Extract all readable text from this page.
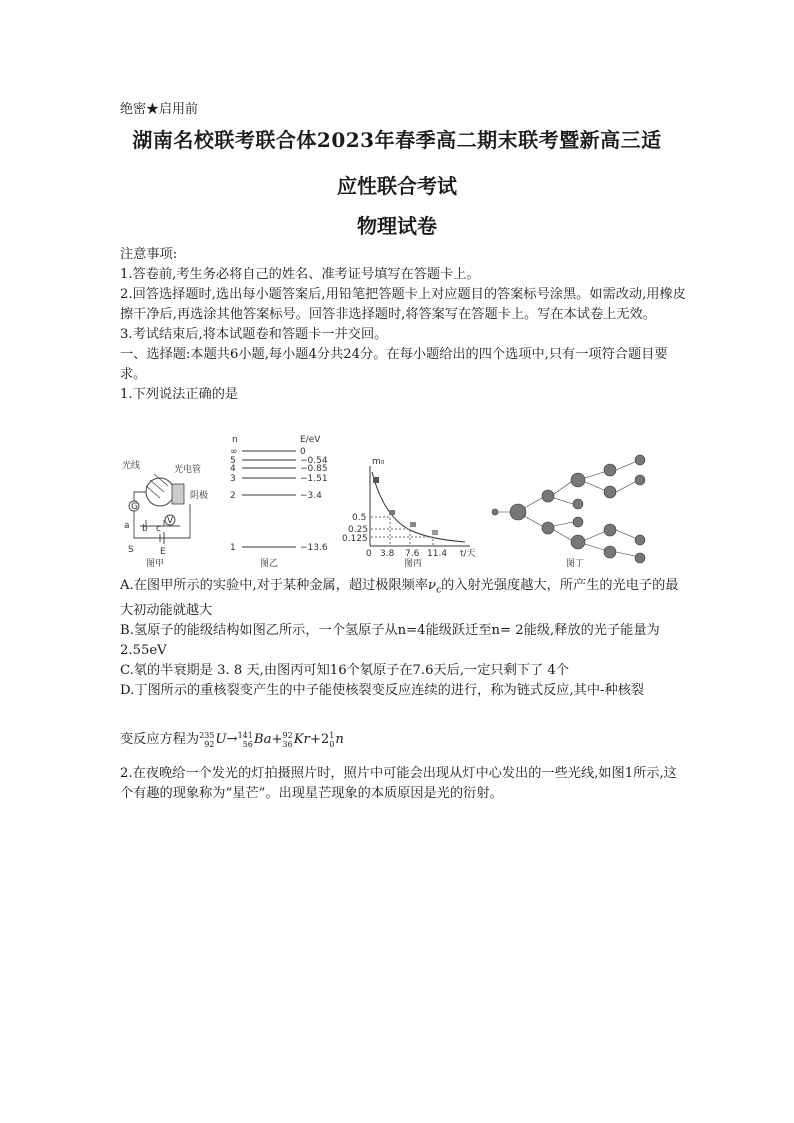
绝密★启用前
湖南名校联考联合体2023年春季高二期末联考暨新高三适
应性联合考试
物理试卷
注意事项:
1.答卷前,考生务必将自己的姓名、准考证号填写在答题卡上。
2.回答选择题时,选出每小题答案后,用铅笔把答题卡上对应题目的答案标号涂黑。如需改动,用橡皮擦干净后,再选涂其他答案标号。回答非选择题时,将答案写在答题卡上。写在本试卷上无效。
3.考试结束后,将本试题卷和答题卡一并交回。
一、选择题:本题共6小题,每小题4分共24分。在每小题给出的四个选项中,只有一项符合题目要求。
1.下列说法正确的是
光线	光电管
阴极
G
V
a b c
S	E
图甲
n	E/eV
∞	0
5	−0.54
4	−0.85
3	−1.51
2	−3.4
1	−13.6
图乙
m₀
t/天
0.5
0.25
0.125
0 3.8 7.6 11.4
图丙	图丁
A.在图甲所示的实验中,对于某种金属，超过极限频率$\nu_c$的入射光强度越大，所产生的光电子的最大初动能就越大
B.氢原子的能级结构如图乙所示，一个氢原子从n=4能级跃迁至n= 2能级,释放的光子能量为 2.55eV
C.氡的半衰期是 3. 8 天,由图丙可知16个氡原子在7.6天后,一定只剩下了 4个
D.丁图所示的重核裂变产生的中子能使核裂变反应连续的进行，称为链式反应,其中-种核裂
变反应方程为 235
92 U→ 141
56 Ba+ 92
36 Kr+2 1
0 n
2.在夜晚给一个发光的灯拍摄照片时，照片中可能会出现从灯中心发出的一些光线,如图1所示,这个有趣的现象称为“星芒”。出现星芒现象的本质原因是光的衍射。
